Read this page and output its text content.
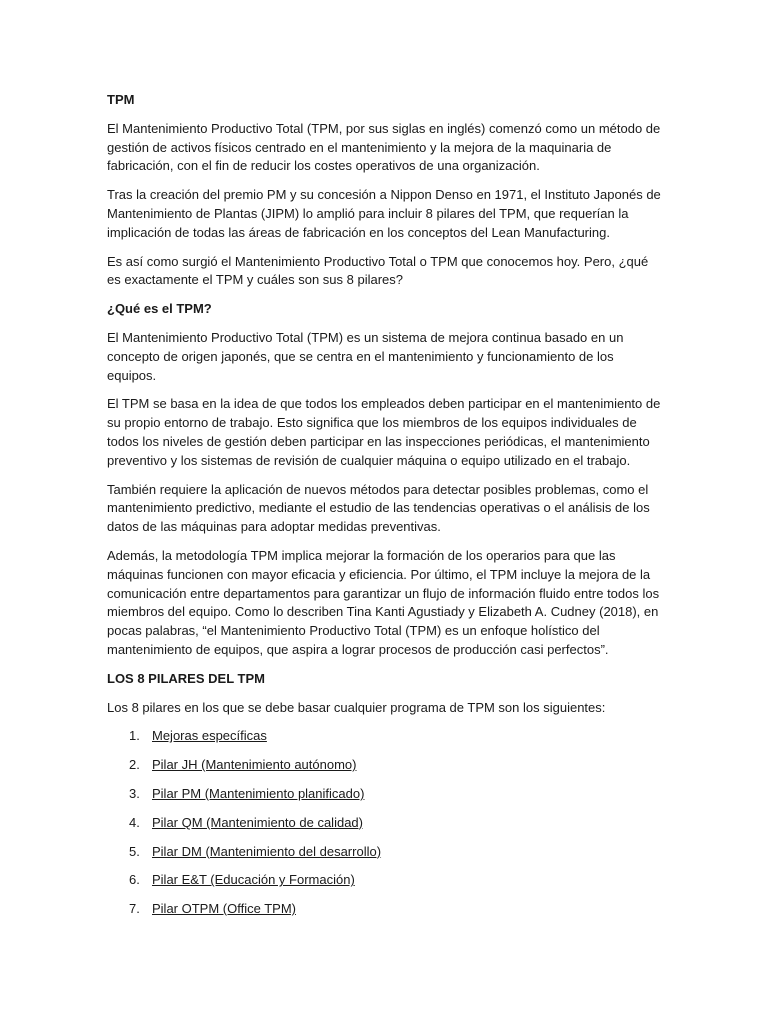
TPM

El Mantenimiento Productivo Total (TPM, por sus siglas en inglés) comenzó como un método de gestión de activos físicos centrado en el mantenimiento y la mejora de la maquinaria de fabricación, con el fin de reducir los costes operativos de una organización.

Tras la creación del premio PM y su concesión a Nippon Denso en 1971, el Instituto Japonés de Mantenimiento de Plantas (JIPM) lo amplió para incluir 8 pilares del TPM, que requerían la implicación de todas las áreas de fabricación en los conceptos del Lean Manufacturing.

Es así como surgió el Mantenimiento Productivo Total o TPM que conocemos hoy. Pero, ¿qué es exactamente el TPM y cuáles son sus 8 pilares?

¿Qué es el TPM?

El Mantenimiento Productivo Total (TPM) es un sistema de mejora continua basado en un concepto de origen japonés, que se centra en el mantenimiento y funcionamiento de los equipos.

El TPM se basa en la idea de que todos los empleados deben participar en el mantenimiento de su propio entorno de trabajo. Esto significa que los miembros de los equipos individuales de todos los niveles de gestión deben participar en las inspecciones periódicas, el mantenimiento preventivo y los sistemas de revisión de cualquier máquina o equipo utilizado en el trabajo.

También requiere la aplicación de nuevos métodos para detectar posibles problemas, como el mantenimiento predictivo, mediante el estudio de las tendencias operativas o el análisis de los datos de las máquinas para adoptar medidas preventivas.

Además, la metodología TPM implica mejorar la formación de los operarios para que las máquinas funcionen con mayor eficacia y eficiencia. Por último, el TPM incluye la mejora de la comunicación entre departamentos para garantizar un flujo de información fluido entre todos los miembros del equipo. Como lo describen Tina Kanti Agustiady y Elizabeth A. Cudney (2018), en pocas palabras, “el Mantenimiento Productivo Total (TPM) es un enfoque holístico del mantenimiento de equipos, que aspira a lograr procesos de producción casi perfectos”.

LOS 8 PILARES DEL TPM

Los 8 pilares en los que se debe basar cualquier programa de TPM son los siguientes:

1. Mejoras específicas
2. Pilar JH (Mantenimiento autónomo)
3. Pilar PM (Mantenimiento planificado)
4. Pilar QM (Mantenimiento de calidad)
5. Pilar DM (Mantenimiento del desarrollo)
6. Pilar E&T (Educación y Formación)
7. Pilar OTPM (Office TPM)
